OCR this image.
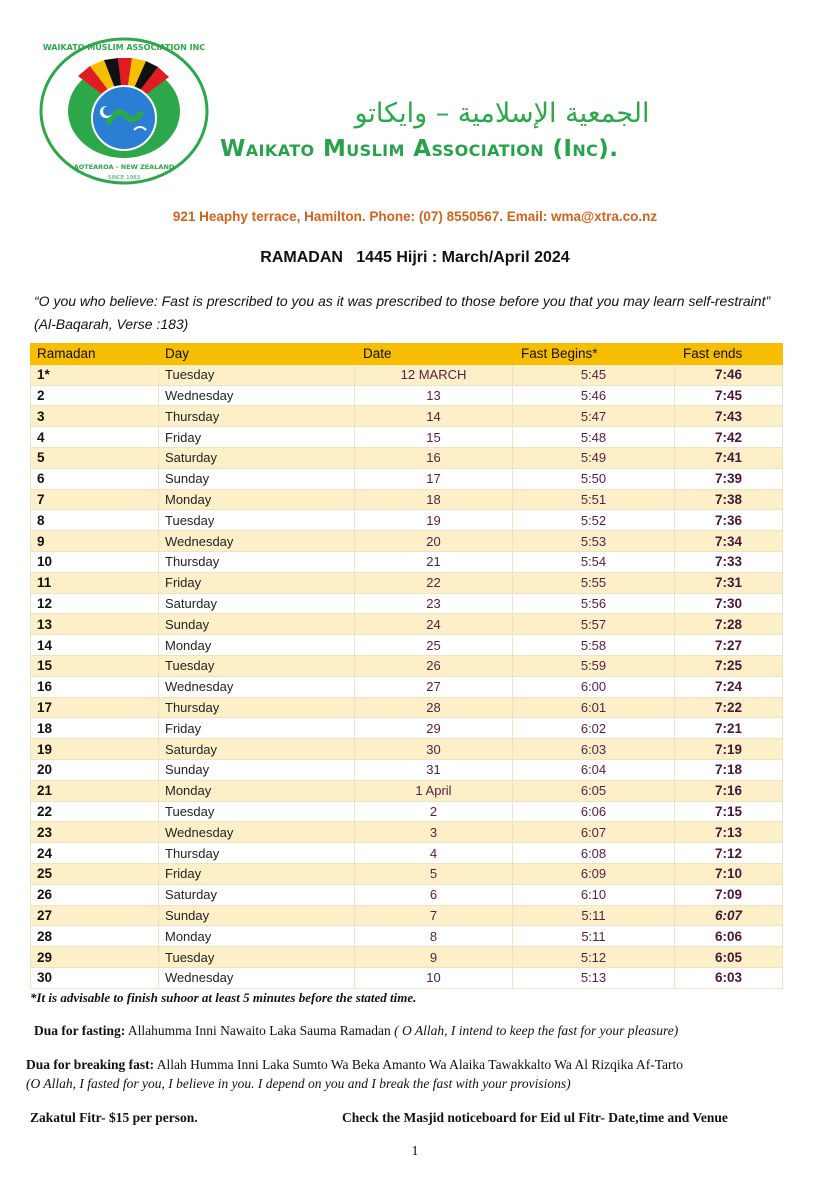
WAIKATO MUSLIM ASSOCIATION INC
AOTEAROA - NEW ZEALAND
SINCE 1983
الجمعية الإسلامية – وايكاتو
Waikato Muslim Association (Inc).
921 Heaphy terrace, Hamilton. Phone: (07) 8550567. Email: wma@xtra.co.nz
RAMADAN   1445 Hijri : March/April 2024
“O you who believe: Fast is prescribed to you as it was prescribed to those before you that you may learn self-restraint” (Al-Baqarah, Verse :183)
Ramadan	Day	Date	Fast Begins*	Fast ends
1*	Tuesday	12 MARCH	5:45	7:46
2	Wednesday	13	5:46	7:45
3	Thursday	14	5:47	7:43
4	Friday	15	5:48	7:42
5	Saturday	16	5:49	7:41
6	Sunday	17	5:50	7:39
7	Monday	18	5:51	7:38
8	Tuesday	19	5:52	7:36
9	Wednesday	20	5:53	7:34
10	Thursday	21	5:54	7:33
11	Friday	22	5:55	7:31
12	Saturday	23	5:56	7:30
13	Sunday	24	5:57	7:28
14	Monday	25	5:58	7:27
15	Tuesday	26	5:59	7:25
16	Wednesday	27	6:00	7:24
17	Thursday	28	6:01	7:22
18	Friday	29	6:02	7:21
19	Saturday	30	6:03	7:19
20	Sunday	31	6:04	7:18
21	Monday	1 April	6:05	7:16
22	Tuesday	2	6:06	7:15
23	Wednesday	3	6:07	7:13
24	Thursday	4	6:08	7:12
25	Friday	5	6:09	7:10
26	Saturday	6	6:10	7:09
27	Sunday	7	5:11	6:07
28	Monday	8	5:11	6:06
29	Tuesday	9	5:12	6:05
30	Wednesday	10	5:13	6:03
*It is advisable to finish suhoor at least 5 minutes before the stated time.
Dua for fasting: Allahumma Inni Nawaito Laka Sauma Ramadan ( O Allah, I intend to keep the fast for your pleasure)
Dua for breaking fast: Allah Humma Inni Laka Sumto Wa Beka Amanto Wa Alaika Tawakkalto Wa Al Rizqika Af-Tarto
(O Allah, I fasted for you, I believe in you. I depend on you and I break the fast with your provisions)
Zakatul Fitr- $15 per person.	Check the Masjid noticeboard for Eid ul Fitr- Date,time and Venue
1
